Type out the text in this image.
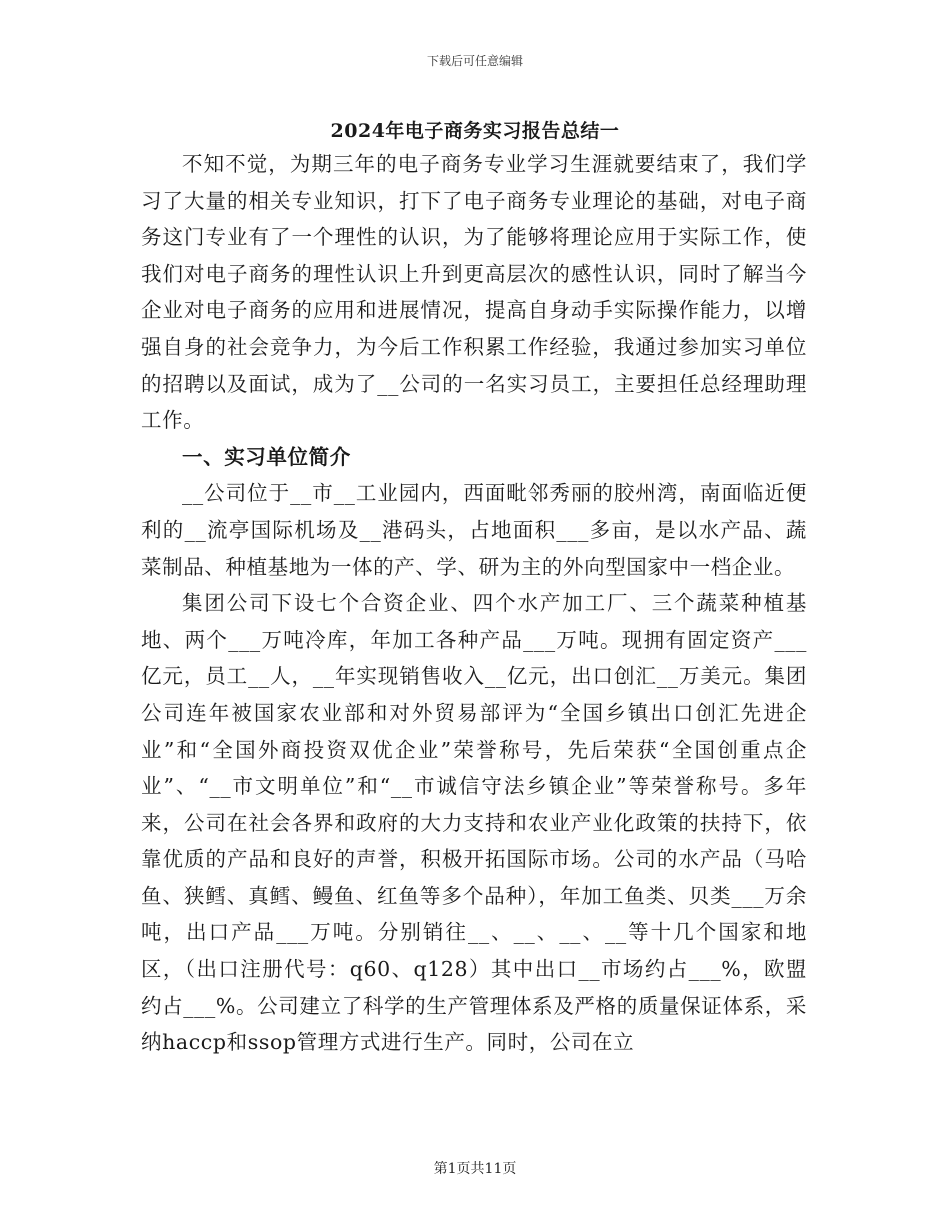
下载后可任意编辑
2024年电子商务实习报告总结一

不知不觉，为期三年的电子商务专业学习生涯就要结束了，我们学习了大量的相关专业知识，打下了电子商务专业理论的基础，对电子商务这门专业有了一个理性的认识，为了能够将理论应用于实际工作，使我们对电子商务的理性认识上升到更高层次的感性认识，同时了解当今企业对电子商务的应用和进展情况，提高自身动手实际操作能力，以增强自身的社会竞争力，为今后工作积累工作经验，我通过参加实习单位的招聘以及面试，成为了__公司的一名实习员工，主要担任总经理助理工作。

一、实习单位简介

__公司位于__市__工业园内，西面毗邻秀丽的胶州湾，南面临近便利的__流亭国际机场及__港码头，占地面积___多亩，是以水产品、蔬菜制品、种植基地为一体的产、学、研为主的外向型国家中一档企业。

集团公司下设七个合资企业、四个水产加工厂、三个蔬菜种植基地、两个___万吨冷库，年加工各种产品___万吨。现拥有固定资产___亿元，员工__人，__年实现销售收入__亿元，出口创汇__万美元。集团公司连年被国家农业部和对外贸易部评为“全国乡镇出口创汇先进企业”和“全国外商投资双优企业”荣誉称号，先后荣获“全国创重点企业”、“__市文明单位”和“__市诚信守法乡镇企业”等荣誉称号。多年来，公司在社会各界和政府的大力支持和农业产业化政策的扶持下，依靠优质的产品和良好的声誉，积极开拓国际市场。公司的水产品（马哈鱼、狭鳕、真鳕、鳗鱼、红鱼等多个品种），年加工鱼类、贝类___万余吨，出口产品___万吨。分别销往__、__、__、__等十几个国家和地区，（出口注册代号：q60、q128）其中出口__市场约占___%，欧盟约占___%。公司建立了科学的生产管理体系及严格的质量保证体系，采纳haccp和ssop管理方式进行生产。同时，公司在立

第1页共11页
